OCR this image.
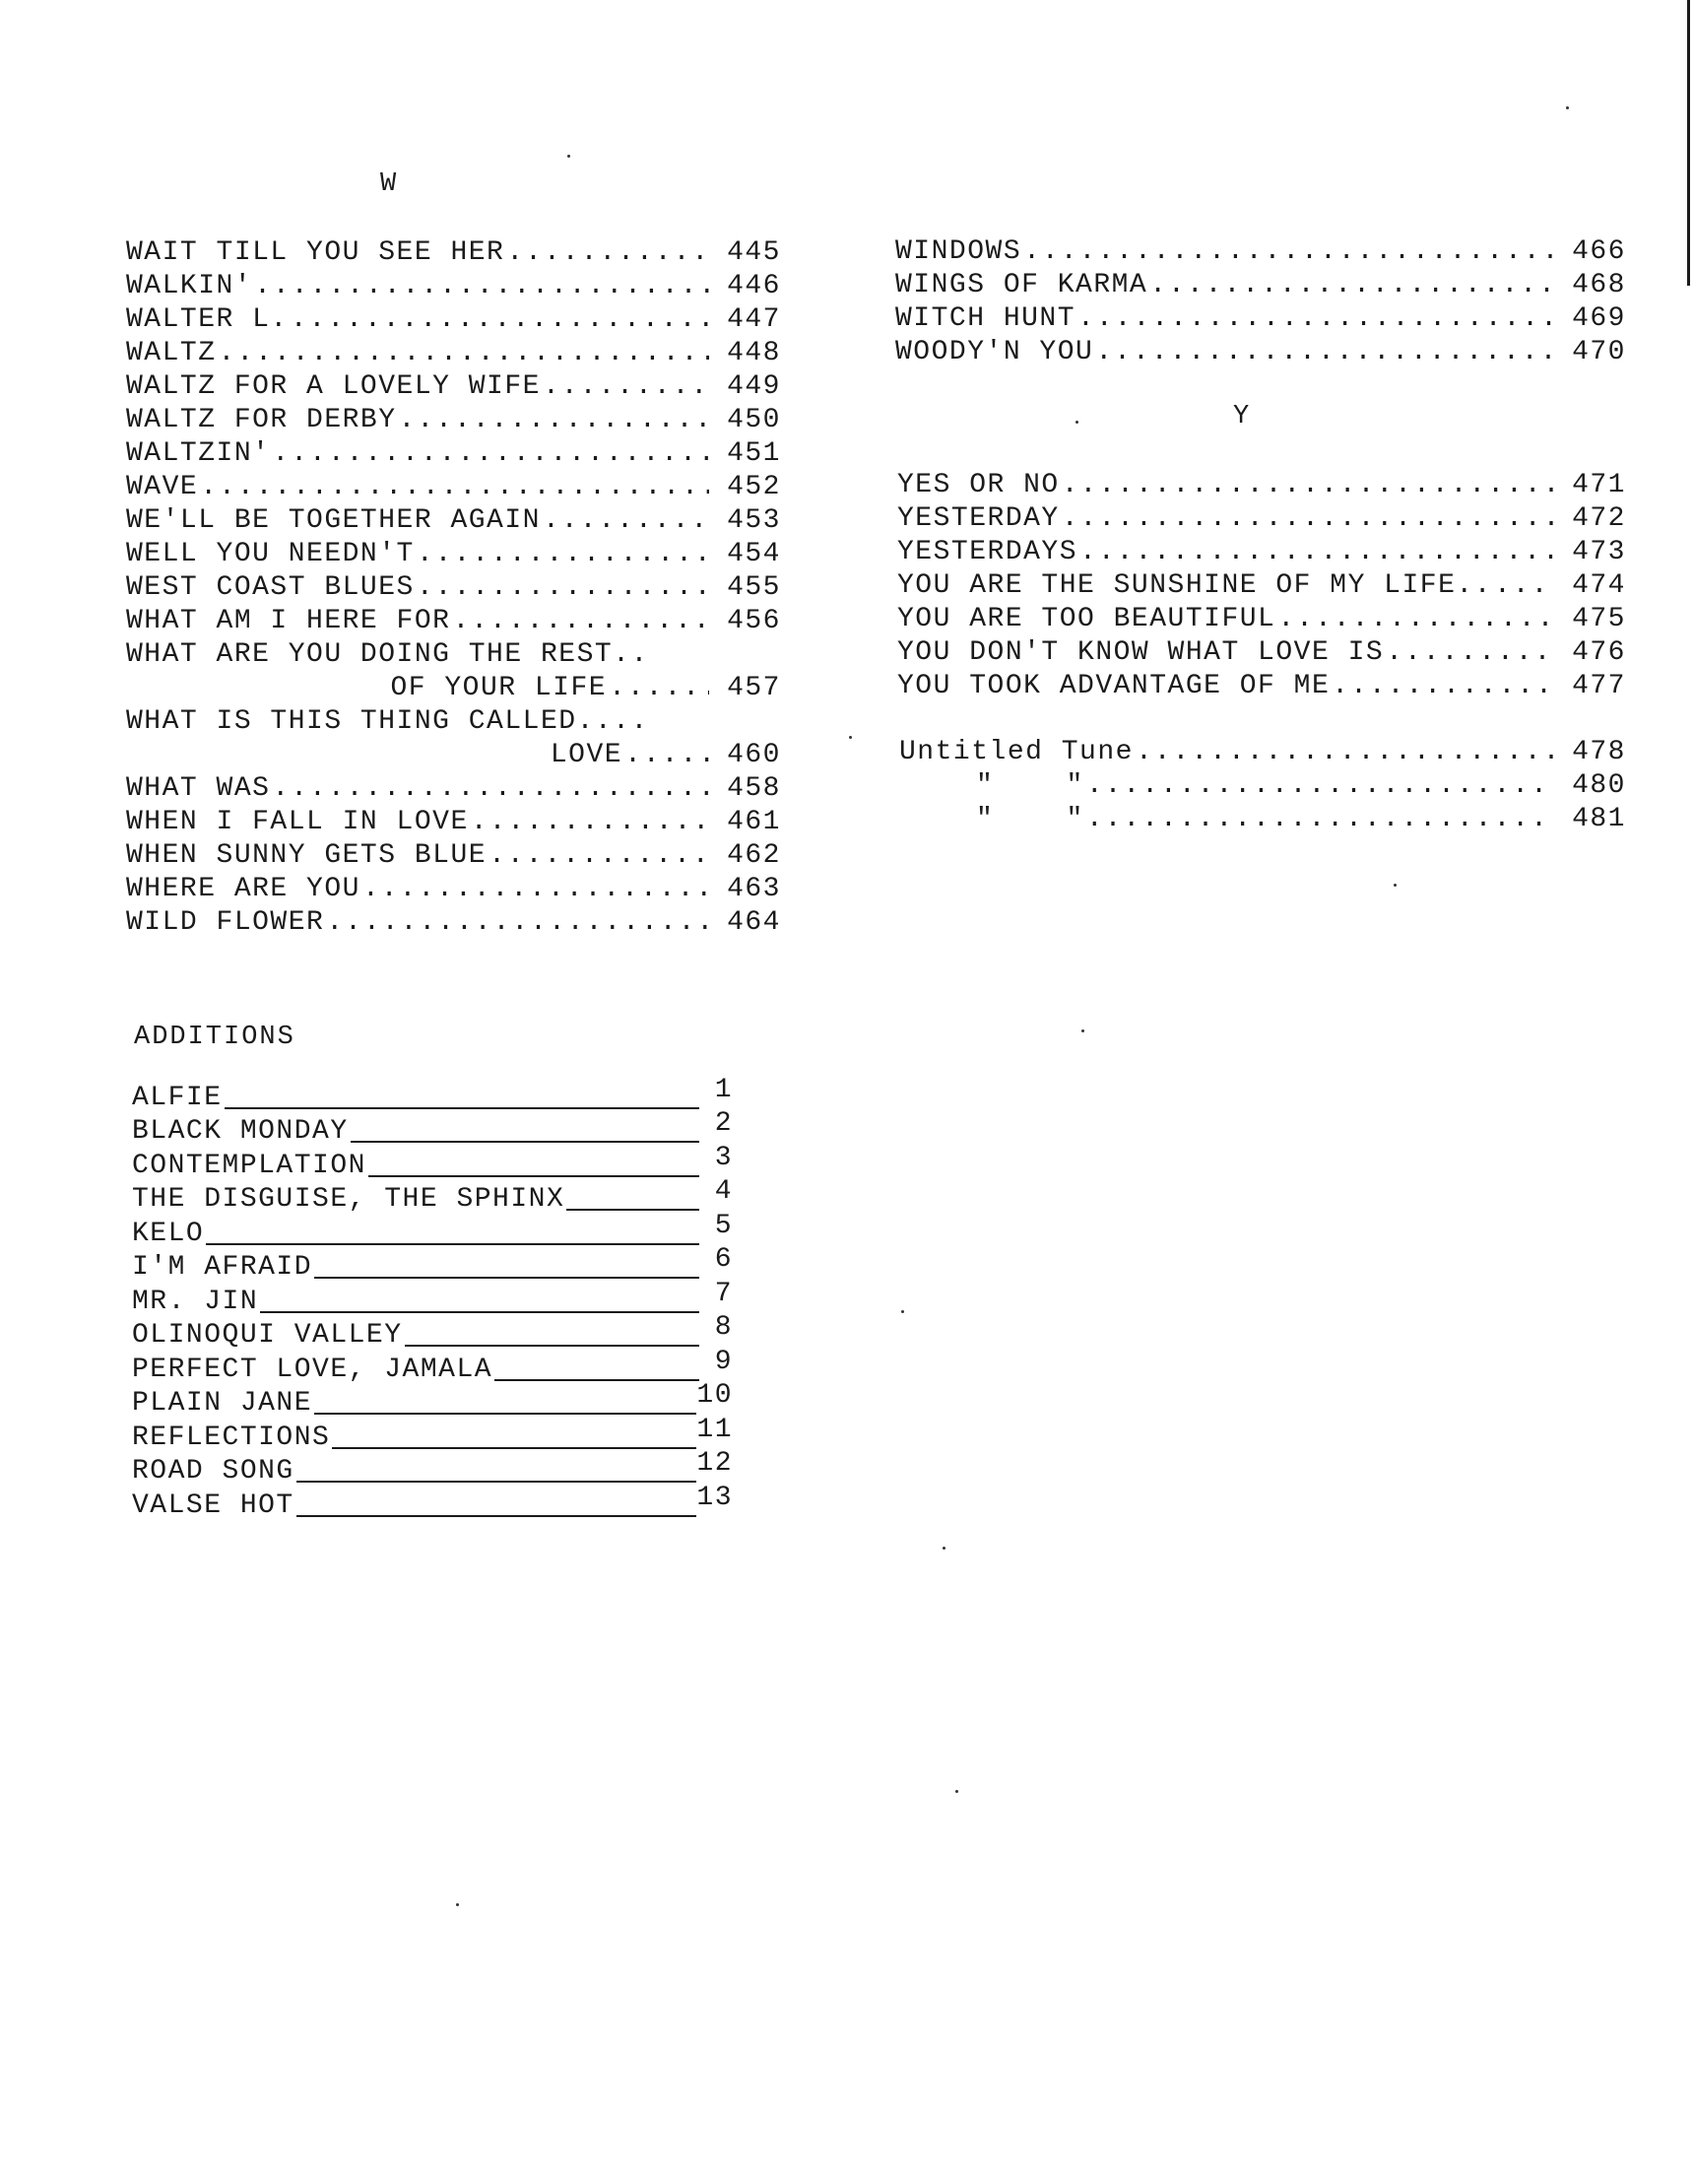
W
WAIT TILL YOU SEE HER .....	445
WALKIN' .....	446
WALTER L. .....	447
WALTZ .....	448
WALTZ FOR A LOVELY WIFE .....	449
WALTZ FOR DERBY .....	450
WALTZIN' .....	451
WAVE .....	452
WE'LL BE TOGETHER AGAIN .....	453
WELL YOU NEEDN'T .....	454
WEST COAST BLUES .....	455
WHAT AM I HERE FOR .....	456
WHAT ARE YOU DOING THE REST..
OF YOUR LIFE .....	457
WHAT IS THIS THING CALLED....
LOVE .....	460
WHAT WAS .....	458
WHEN I FALL IN LOVE .....	461
WHEN SUNNY GETS BLUE .....	462
WHERE ARE YOU .....	463
WILD FLOWER .....	464
WINDOWS .....	466
WINGS OF KARMA .....	468
WITCH HUNT .....	469
WOODY'N YOU .....	470
Y
YES OR NO .....	471
YESTERDAY .....	472
YESTERDAYS .....	473
YOU ARE THE SUNSHINE OF MY LIFE.. .....	474
YOU ARE TOO BEAUTIFUL .....	475
YOU DON'T KNOW WHAT LOVE IS .....	476
YOU TOOK ADVANTAGE OF ME .....	477
Untitled Tune .....	478
"    " .....	480
"    " .....	481
ADDITIONS
ALFIE	1
BLACK MONDAY	2
CONTEMPLATION	3
THE DISGUISE, THE SPHINX	4
KELO	5
I'M AFRAID	6
MR. JIN	7
OLINOQUI VALLEY	8
PERFECT LOVE, JAMALA	9
PLAIN JANE	10
REFLECTIONS	11
ROAD SONG	12
VALSE HOT	13
